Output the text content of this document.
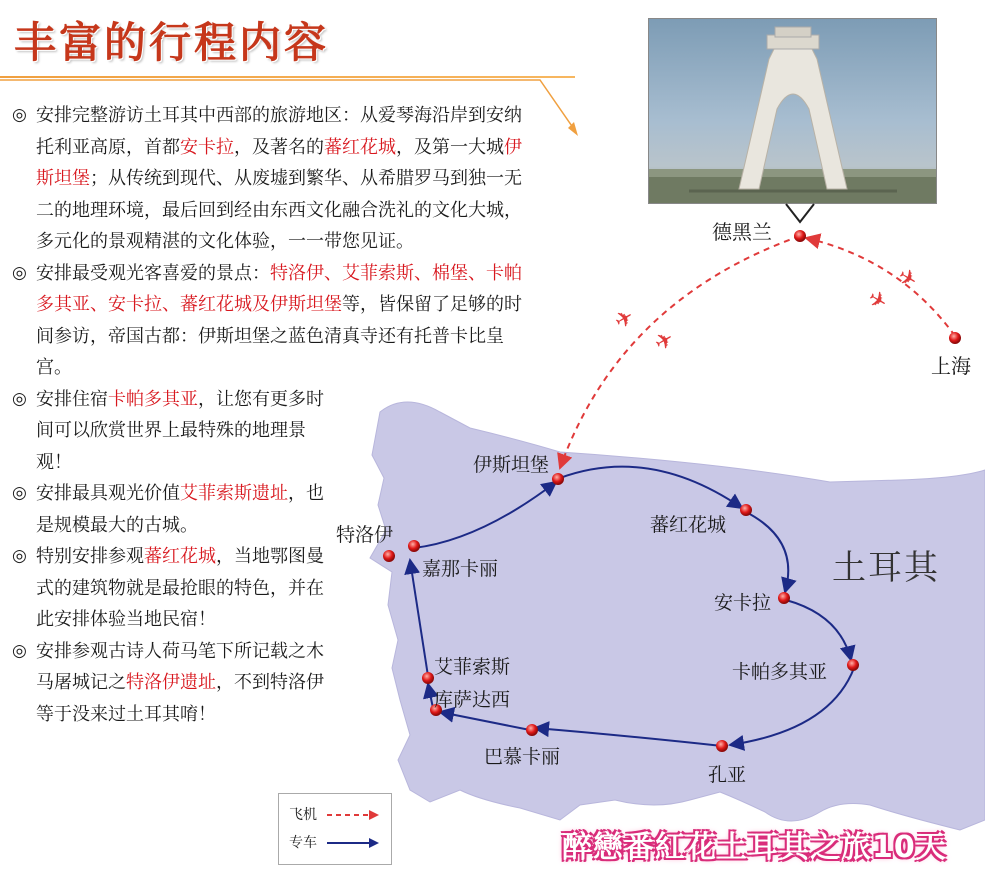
丰富的行程内容

◎ 安排完整游访土耳其中西部的旅游地区：从爱琴海沿岸到安纳托利亚高原，首都安卡拉，及著名的蕃红花城，及第一大城伊斯坦堡；从传统到现代、从废墟到繁华、从希腊罗马到独一无二的地理环境，最后回到经由东西文化融合洗礼的文化大城，多元化的景观精湛的文化体验，一一带您见证。

◎ 安排最受观光客喜爱的景点：特洛伊、艾菲索斯、棉堡、卡帕多其亚、安卡拉、蕃红花城及伊斯坦堡等，皆保留了足够的时间参访，帝国古都：伊斯坦堡之蓝色清真寺还有托普卡比皇宫。

◎ 安排住宿卡帕多其亚，让您有更多时间可以欣赏世界上最特殊的地理景观！

◎ 安排最具观光价值艾菲索斯遗址，也是规模最大的古城。

◎ 特别安排参观蕃红花城，当地鄂图曼式的建筑物就是最抢眼的特色，并在此安排体验当地民宿！

◎ 安排参观古诗人荷马笔下所记载之木马屠城记之特洛伊遗址，不到特洛伊等于没来过土耳其唷！

✈
✈
✈
✈
德黑兰
上海
伊斯坦堡
蕃红花城
安卡拉
卡帕多其亚
孔亚
巴慕卡丽
库萨达西
艾菲索斯
嘉那卡丽
特洛伊
土耳其
飞机
专车	醉戀番紅花土耳其之旅10天
